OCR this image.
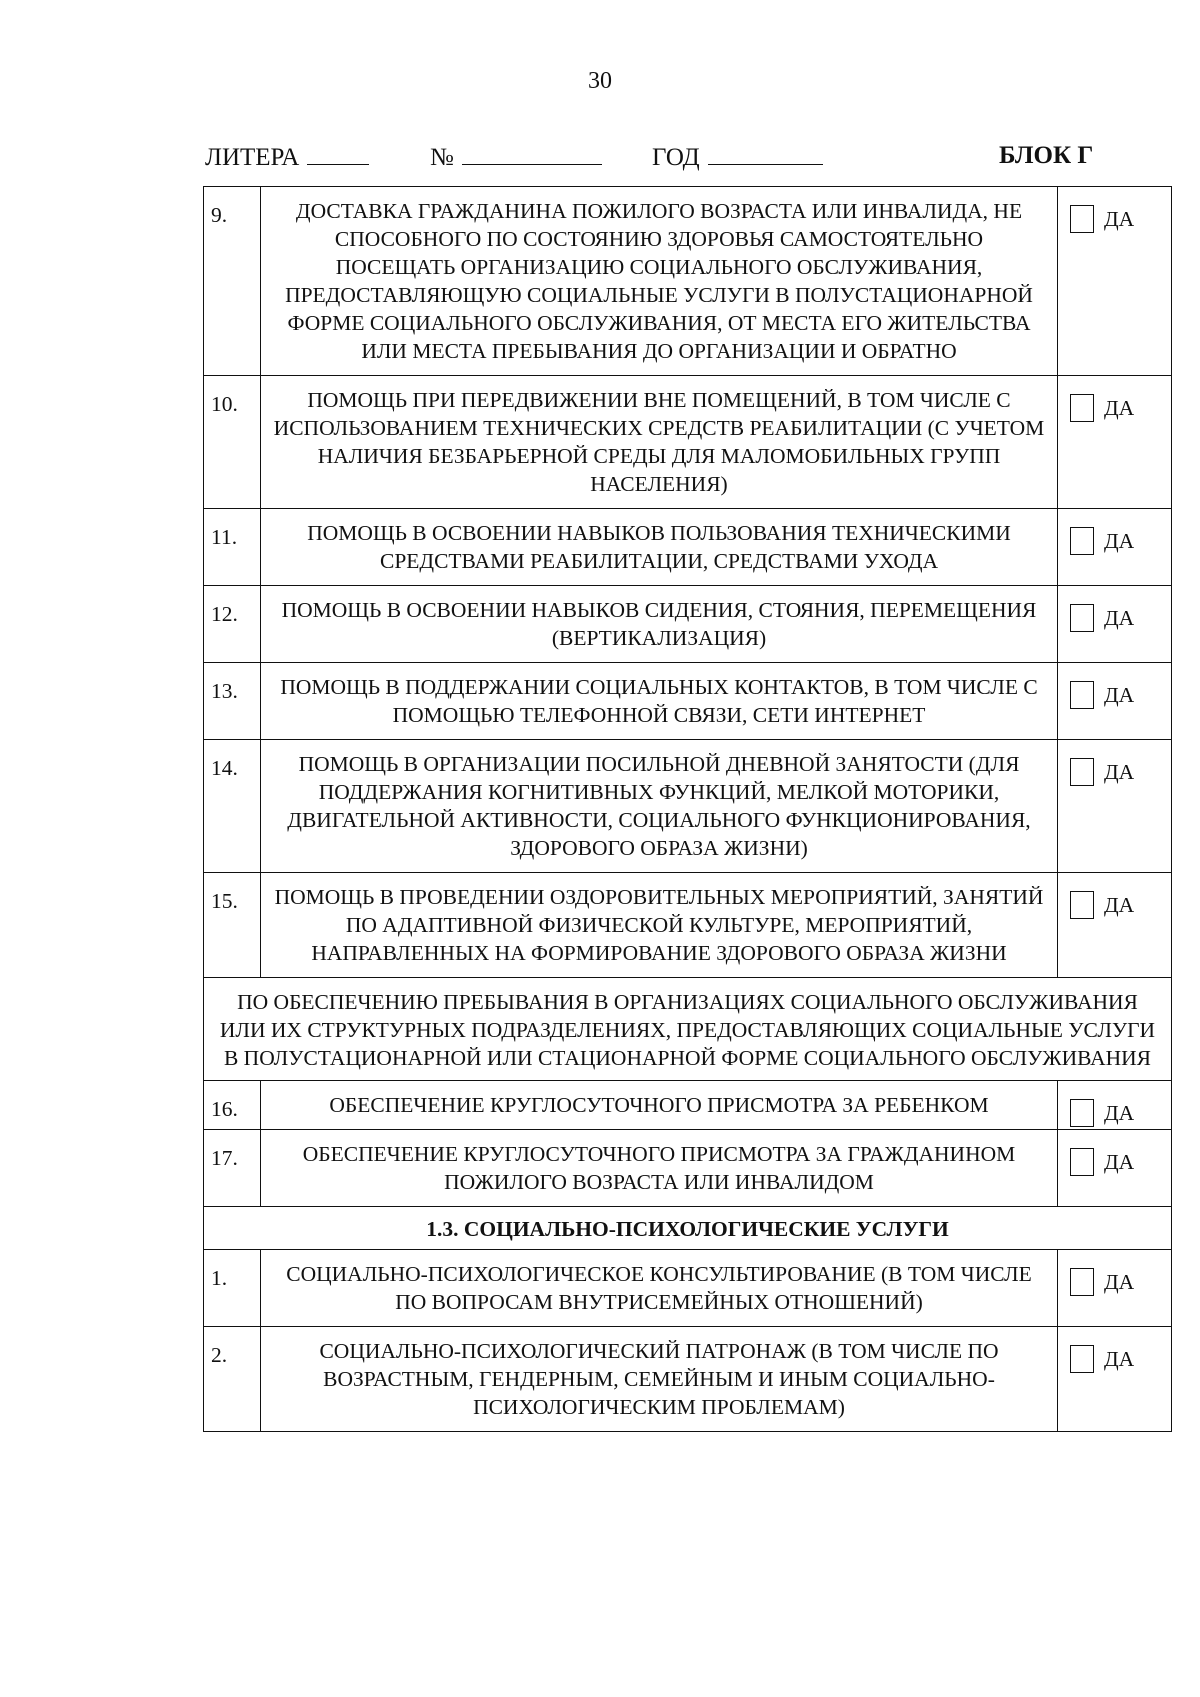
30
ЛИТЕРА	№	ГОД	БЛОК Г
9.	ДОСТАВКА ГРАЖДАНИНА ПОЖИЛОГО ВОЗРАСТА ИЛИ ИНВАЛИДА, НЕ СПОСОБНОГО ПО СОСТОЯНИЮ ЗДОРОВЬЯ САМОСТОЯТЕЛЬНО ПОСЕЩАТЬ ОРГАНИЗАЦИЮ СОЦИАЛЬНОГО ОБСЛУЖИВАНИЯ, ПРЕДОСТАВЛЯЮЩУЮ СОЦИАЛЬНЫЕ УСЛУГИ В ПОЛУСТАЦИОНАРНОЙ ФОРМЕ СОЦИАЛЬНОГО ОБСЛУЖИВАНИЯ, ОТ МЕСТА ЕГО ЖИТЕЛЬСТВА ИЛИ МЕСТА ПРЕБЫВАНИЯ ДО ОРГАНИЗАЦИИ И ОБРАТНО	ДА
10.	ПОМОЩЬ ПРИ ПЕРЕДВИЖЕНИИ ВНЕ ПОМЕЩЕНИЙ, В ТОМ ЧИСЛЕ С ИСПОЛЬЗОВАНИЕМ ТЕХНИЧЕСКИХ СРЕДСТВ РЕАБИЛИТАЦИИ (С УЧЕТОМ НАЛИЧИЯ БЕЗБАРЬЕРНОЙ СРЕДЫ ДЛЯ МАЛОМОБИЛЬНЫХ ГРУПП НАСЕЛЕНИЯ)	ДА
11.	ПОМОЩЬ В ОСВОЕНИИ НАВЫКОВ ПОЛЬЗОВАНИЯ ТЕХНИЧЕСКИМИ СРЕДСТВАМИ РЕАБИЛИТАЦИИ, СРЕДСТВАМИ УХОДА	ДА
12.	ПОМОЩЬ В ОСВОЕНИИ НАВЫКОВ СИДЕНИЯ, СТОЯНИЯ, ПЕРЕМЕЩЕНИЯ (ВЕРТИКАЛИЗАЦИЯ)	ДА
13.	ПОМОЩЬ В ПОДДЕРЖАНИИ СОЦИАЛЬНЫХ КОНТАКТОВ, В ТОМ ЧИСЛЕ С ПОМОЩЬЮ ТЕЛЕФОННОЙ СВЯЗИ, СЕТИ ИНТЕРНЕТ	ДА
14.	ПОМОЩЬ В ОРГАНИЗАЦИИ ПОСИЛЬНОЙ ДНЕВНОЙ ЗАНЯТОСТИ (ДЛЯ ПОДДЕРЖАНИЯ КОГНИТИВНЫХ ФУНКЦИЙ, МЕЛКОЙ МОТОРИКИ, ДВИГАТЕЛЬНОЙ АКТИВНОСТИ, СОЦИАЛЬНОГО ФУНКЦИОНИРОВАНИЯ, ЗДОРОВОГО ОБРАЗА ЖИЗНИ)	ДА
15.	ПОМОЩЬ В ПРОВЕДЕНИИ ОЗДОРОВИТЕЛЬНЫХ МЕРОПРИЯТИЙ, ЗАНЯТИЙ ПО АДАПТИВНОЙ ФИЗИЧЕСКОЙ КУЛЬТУРЕ, МЕРОПРИЯТИЙ, НАПРАВЛЕННЫХ НА ФОРМИРОВАНИЕ ЗДОРОВОГО ОБРАЗА ЖИЗНИ	ДА
ПО ОБЕСПЕЧЕНИЮ ПРЕБЫВАНИЯ В ОРГАНИЗАЦИЯХ СОЦИАЛЬНОГО ОБСЛУЖИВАНИЯ ИЛИ ИХ СТРУКТУРНЫХ ПОДРАЗДЕЛЕНИЯХ, ПРЕДОСТАВЛЯЮЩИХ СОЦИАЛЬНЫЕ УСЛУГИ В ПОЛУСТАЦИОНАРНОЙ ИЛИ СТАЦИОНАРНОЙ ФОРМЕ СОЦИАЛЬНОГО ОБСЛУЖИВАНИЯ		
16.	ОБЕСПЕЧЕНИЕ КРУГЛОСУТОЧНОГО ПРИСМОТРА ЗА РЕБЕНКОМ	ДА
17.	ОБЕСПЕЧЕНИЕ КРУГЛОСУТОЧНОГО ПРИСМОТРА ЗА ГРАЖДАНИНОМ ПОЖИЛОГО ВОЗРАСТА ИЛИ ИНВАЛИДОМ	ДА
1.3. СОЦИАЛЬНО-ПСИХОЛОГИЧЕСКИЕ УСЛУГИ		
1.	СОЦИАЛЬНО-ПСИХОЛОГИЧЕСКОЕ КОНСУЛЬТИРОВАНИЕ (В ТОМ ЧИСЛЕ ПО ВОПРОСАМ ВНУТРИСЕМЕЙНЫХ ОТНОШЕНИЙ)	ДА
2.	СОЦИАЛЬНО-ПСИХОЛОГИЧЕСКИЙ ПАТРОНАЖ (В ТОМ ЧИСЛЕ ПО ВОЗРАСТНЫМ, ГЕНДЕРНЫМ, СЕМЕЙНЫМ И ИНЫМ СОЦИАЛЬНО-ПСИХОЛОГИЧЕСКИМ ПРОБЛЕМАМ)	ДА
